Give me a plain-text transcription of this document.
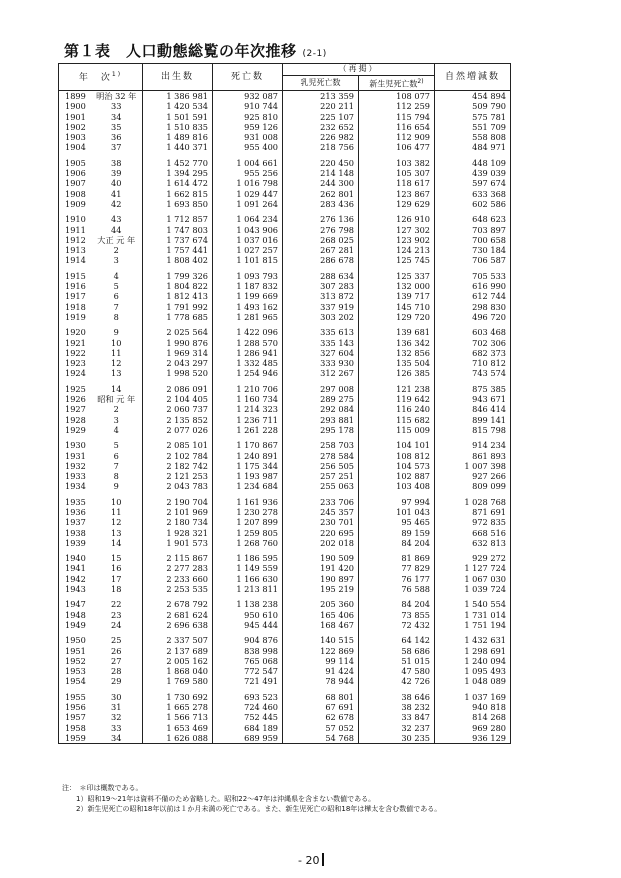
第１表　人口動態総覧の年次推移 (2-1)
年　次$^{1)}$		出生数	死亡数	（再掲）		自然増減数
				乳児死亡数	新生児死亡数$^{2)}$
1899	明治 32 年	1 386 981	932 087	213 359	108 077	454 894
1900	33	1 420 534	910 744	220 211	112 259	509 790
1901	34	1 501 591	925 810	225 107	115 794	575 781
1902	35	1 510 835	959 126	232 652	116 654	551 709
1903	36	1 489 816	931 008	226 982	112 909	558 808
1904	37	1 440 371	955 400	218 756	106 477	484 971

1905	38	1 452 770	1 004 661	220 450	103 382	448 109
1906	39	1 394 295	955 256	214 148	105 307	439 039
1907	40	1 614 472	1 016 798	244 300	118 617	597 674
1908	41	1 662 815	1 029 447	262 801	123 867	633 368
1909	42	1 693 850	1 091 264	283 436	129 629	602 586

1910	43	1 712 857	1 064 234	276 136	126 910	648 623
1911	44	1 747 803	1 043 906	276 798	127 302	703 897
1912	大正 元 年	1 737 674	1 037 016	268 025	123 902	700 658
1913	2	1 757 441	1 027 257	267 281	124 213	730 184
1914	3	1 808 402	1 101 815	286 678	125 745	706 587

1915	4	1 799 326	1 093 793	288 634	125 337	705 533
1916	5	1 804 822	1 187 832	307 283	132 000	616 990
1917	6	1 812 413	1 199 669	313 872	139 717	612 744
1918	7	1 791 992	1 493 162	337 919	145 710	298 830
1919	8	1 778 685	1 281 965	303 202	129 720	496 720

1920	9	2 025 564	1 422 096	335 613	139 681	603 468
1921	10	1 990 876	1 288 570	335 143	136 342	702 306
1922	11	1 969 314	1 286 941	327 604	132 856	682 373
1923	12	2 043 297	1 332 485	333 930	135 504	710 812
1924	13	1 998 520	1 254 946	312 267	126 385	743 574

1925	14	2 086 091	1 210 706	297 008	121 238	875 385
1926	昭和 元 年	2 104 405	1 160 734	289 275	119 642	943 671
1927	2	2 060 737	1 214 323	292 084	116 240	846 414
1928	3	2 135 852	1 236 711	293 881	115 682	899 141
1929	4	2 077 026	1 261 228	295 178	115 009	815 798

1930	5	2 085 101	1 170 867	258 703	104 101	914 234
1931	6	2 102 784	1 240 891	278 584	108 812	861 893
1932	7	2 182 742	1 175 344	256 505	104 573	1 007 398
1933	8	2 121 253	1 193 987	257 251	102 887	927 266
1934	9	2 043 783	1 234 684	255 063	103 408	809 099

1935	10	2 190 704	1 161 936	233 706	97 994	1 028 768
1936	11	2 101 969	1 230 278	245 357	101 043	871 691
1937	12	2 180 734	1 207 899	230 701	95 465	972 835
1938	13	1 928 321	1 259 805	220 695	89 159	668 516
1939	14	1 901 573	1 268 760	202 018	84 204	632 813

1940	15	2 115 867	1 186 595	190 509	81 869	929 272
1941	16	2 277 283	1 149 559	191 420	77 829	1 127 724
1942	17	2 233 660	1 166 630	190 897	76 177	1 067 030
1943	18	2 253 535	1 213 811	195 219	76 588	1 039 724

1947	22	2 678 792	1 138 238	205 360	84 204	1 540 554
1948	23	2 681 624	950 610	165 406	73 855	1 731 014
1949	24	2 696 638	945 444	168 467	72 432	1 751 194

1950	25	2 337 507	904 876	140 515	64 142	1 432 631
1951	26	2 137 689	838 998	122 869	58 686	1 298 691
1952	27	2 005 162	765 068	99 114	51 015	1 240 094
1953	28	1 868 040	772 547	91 424	47 580	1 095 493
1954	29	1 769 580	721 491	78 944	42 726	1 048 089

1955	30	1 730 692	693 523	68 801	38 646	1 037 169
1956	31	1 665 278	724 460	67 691	38 232	940 818
1957	32	1 566 713	752 445	62 678	33 847	814 268
1958	33	1 653 469	684 189	57 052	32 237	969 280
1959	34	1 626 088	689 959	54 768	30 235	936 129
注：　＊印は概数である。
1）昭和19～21年は資料不備のため省略した。昭和22～47年は沖縄県を含まない数値である。
2）新生児死亡の昭和18年以前は１か月未満の死亡である。また、新生児死亡の昭和18年は樺太を含む数値である。
- 20
